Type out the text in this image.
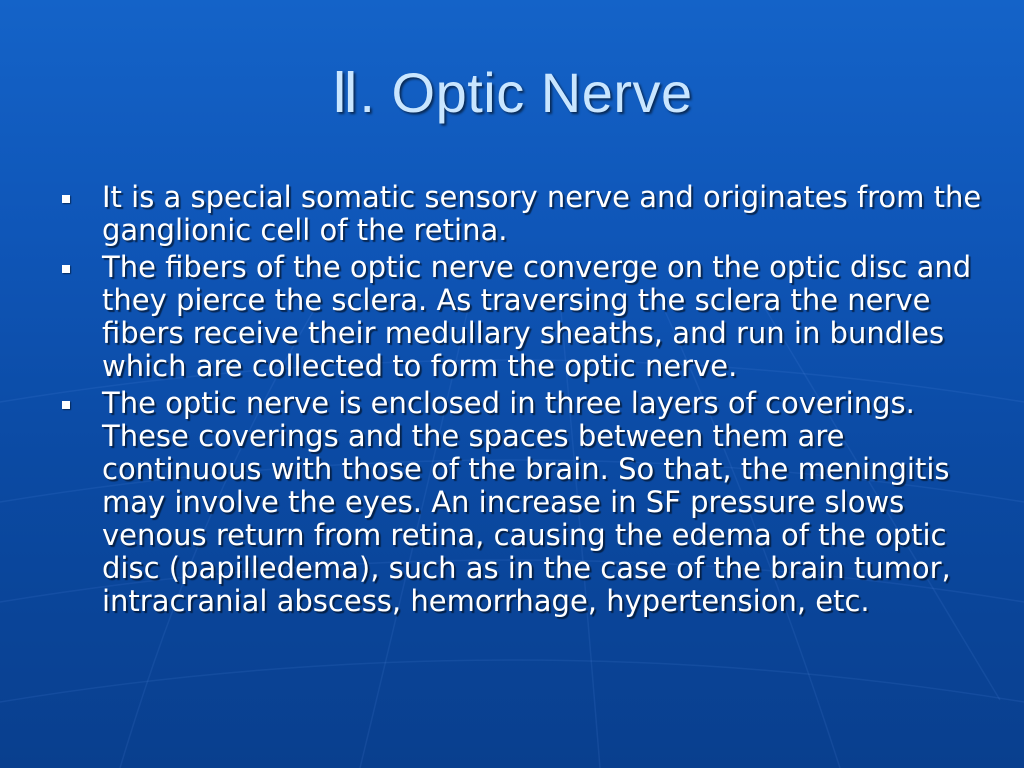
Ⅱ. Optic Nerve
It is a special somatic sensory nerve and originates from the ganglionic cell of the retina.
The fibers of the optic nerve converge on the optic disc and they pierce the sclera. As traversing the sclera the nerve fibers receive their medullary sheaths, and run in bundles which are collected to form the optic nerve.
The optic nerve is enclosed in three layers of coverings. These coverings and the spaces between them are continuous with those of the brain. So that, the meningitis may involve the eyes. An increase in SF pressure slows venous return from retina, causing the edema of the optic disc (papilledema), such as in the case of the brain tumor, intracranial abscess, hemorrhage, hypertension, etc.
